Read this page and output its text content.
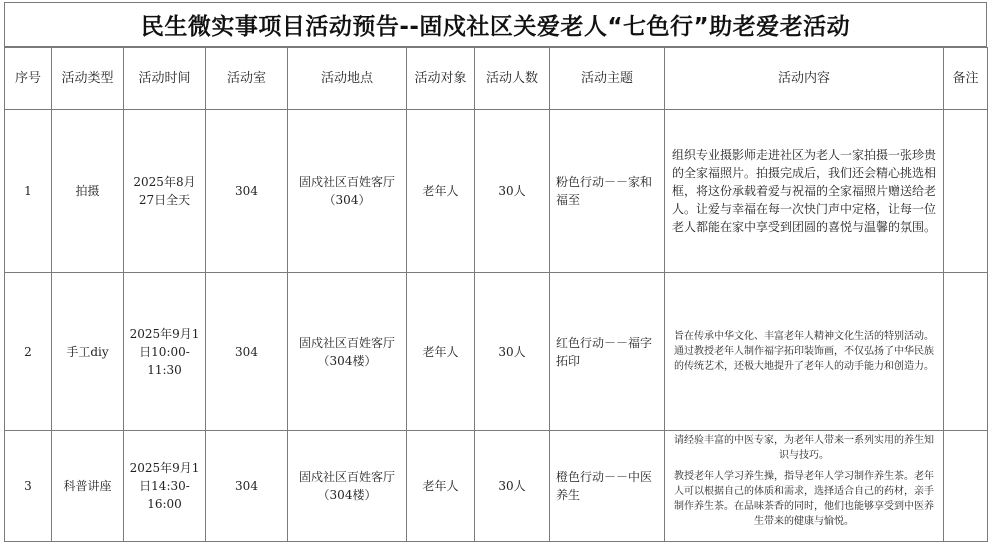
民生微实事项目活动预告--固戍社区关爱老人“七色行”助老爱老活动
序号	活动类型	活动时间	活动室	活动地点	活动对象	活动人数	活动主题	活动内容	备注
1	拍摄	2025年8月27日全天	304	固戍社区百姓客厅（304）	老年人	30人	粉色行动－－家和福至	组织专业摄影师走进社区为老人一家拍摄一张珍贵的全家福照片。拍摄完成后，我们还会精心挑选相框，将这份承载着爱与祝福的全家福照片赠送给老人。让爱与幸福在每一次快门声中定格，让每一位老人都能在家中享受到团圆的喜悦与温馨的氛围。	
2	手工diy	2025年9月1日10:00-11:30	304	固戍社区百姓客厅（304楼）	老年人	30人	红色行动－－福字拓印	旨在传承中华文化、丰富老年人精神文化生活的特别活动。通过教授老年人制作福字拓印装饰画，不仅弘扬了中华民族的传统艺术，还极大地提升了老年人的动手能力和创造力。	
3	科普讲座	2025年9月1日14:30-16:00	304	固戍社区百姓客厅（304楼）	老年人	30人	橙色行动－－中医养生	请经验丰富的中医专家，为老年人带来一系列实用的养生知识与技巧。
教授老年人学习养生操，指导老年人学习制作养生茶。老年人可以根据自己的体质和需求，选择适合自己的药材，亲手制作养生茶。在品味茶香的同时，他们也能够享受到中医养生带来的健康与愉悦。	
